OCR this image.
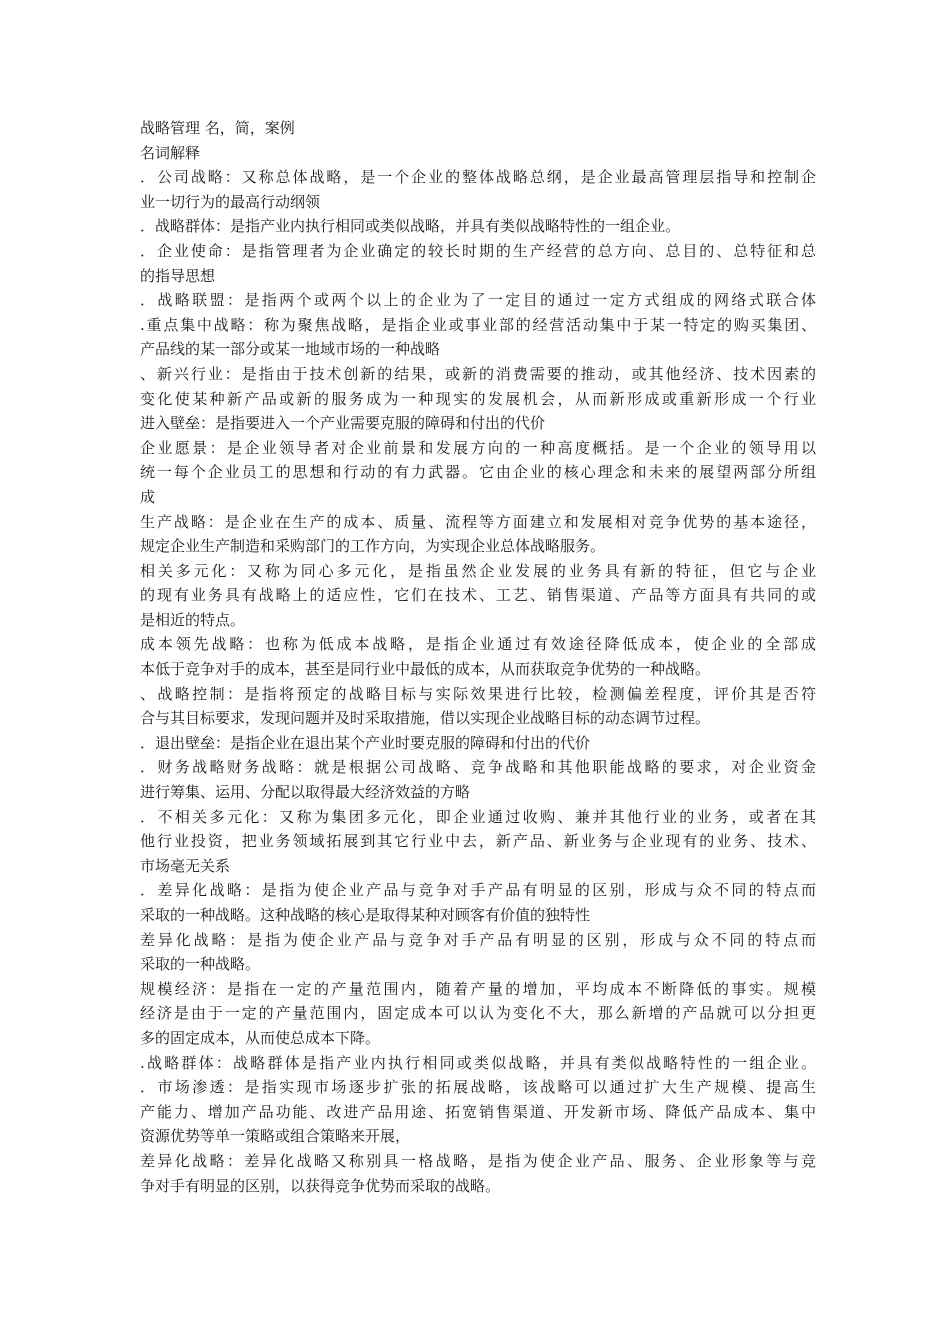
战略管理 名，简，案例
名词解释
．公司战略：又称总体战略，是一个企业的整体战略总纲，是企业最高管理层指导和控制企
业一切行为的最高行动纲领
．战略群体：是指产业内执行相同或类似战略，并具有类似战略特性的一组企业。
．企业使命：是指管理者为企业确定的较长时期的生产经营的总方向、总目的、总特征和总
的指导思想
．战略联盟：是指两个或两个以上的企业为了一定目的通过一定方式组成的网络式联合体
.重点集中战略：称为聚焦战略，是指企业或事业部的经营活动集中于某一特定的购买集团、
产品线的某一部分或某一地域市场的一种战略
、新兴行业：是指由于技术创新的结果，或新的消费需要的推动，或其他经济、技术因素的
变化使某种新产品或新的服务成为一种现实的发展机会，从而新形成或重新形成一个行业
进入壁垒：是指要进入一个产业需要克服的障碍和付出的代价
企业愿景：是企业领导者对企业前景和发展方向的一种高度概括。是一个企业的领导用以
统一每个企业员工的思想和行动的有力武器。它由企业的核心理念和未来的展望两部分所组
成
生产战略：是企业在生产的成本、质量、流程等方面建立和发展相对竞争优势的基本途径，
规定企业生产制造和采购部门的工作方向，为实现企业总体战略服务。
相关多元化：又称为同心多元化，是指虽然企业发展的业务具有新的特征，但它与企业
的现有业务具有战略上的适应性，它们在技术、工艺、销售渠道、产品等方面具有共同的或
是相近的特点。
成本领先战略：也称为低成本战略，是指企业通过有效途径降低成本，使企业的全部成
本低于竞争对手的成本，甚至是同行业中最低的成本，从而获取竞争优势的一种战略。
、战略控制：是指将预定的战略目标与实际效果进行比较，检测偏差程度，评价其是否符
合与其目标要求，发现问题并及时采取措施，借以实现企业战略目标的动态调节过程。
．退出壁垒：是指企业在退出某个产业时要克服的障碍和付出的代价
．财务战略财务战略：就是根据公司战略、竞争战略和其他职能战略的要求，对企业资金
进行筹集、运用、分配以取得最大经济效益的方略
．不相关多元化：又称为集团多元化，即企业通过收购、兼并其他行业的业务，或者在其
他行业投资，把业务领域拓展到其它行业中去，新产品、新业务与企业现有的业务、技术、
市场毫无关系
．差异化战略：是指为使企业产品与竞争对手产品有明显的区别，形成与众不同的特点而
采取的一种战略。这种战略的核心是取得某种对顾客有价值的独特性
差异化战略：是指为使企业产品与竞争对手产品有明显的区别，形成与众不同的特点而
采取的一种战略。
规模经济：是指在一定的产量范围内，随着产量的增加，平均成本不断降低的事实。规模
经济是由于一定的产量范围内，固定成本可以认为变化不大，那么新增的产品就可以分担更
多的固定成本，从而使总成本下降。
.战略群体：战略群体是指产业内执行相同或类似战略，并具有类似战略特性的一组企业。
．市场渗透：是指实现市场逐步扩张的拓展战略，该战略可以通过扩大生产规模、提高生
产能力、增加产品功能、改进产品用途、拓宽销售渠道、开发新市场、降低产品成本、集中
资源优势等单一策略或组合策略来开展，
差异化战略：差异化战略又称别具一格战略，是指为使企业产品、服务、企业形象等与竞
争对手有明显的区别，以获得竞争优势而采取的战略。
